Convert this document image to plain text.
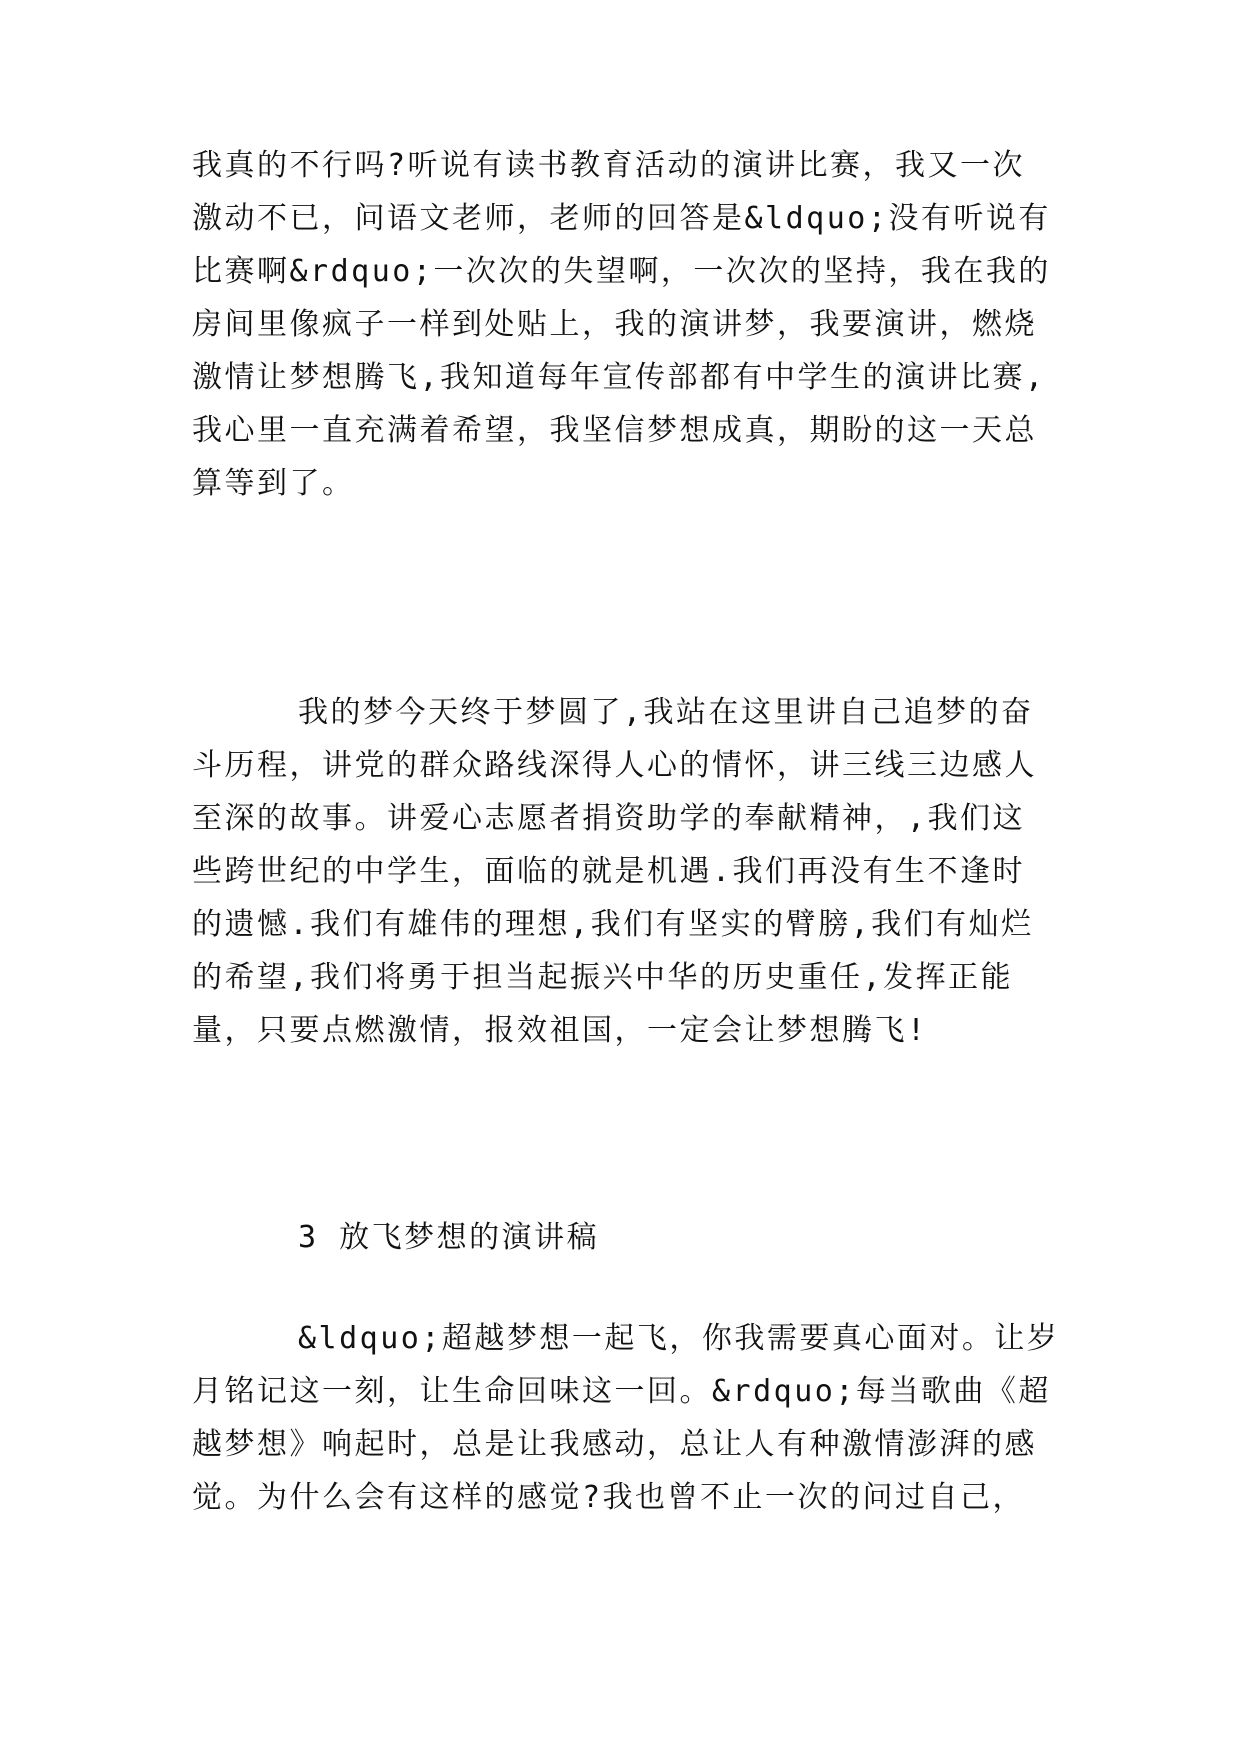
我真的不行吗?听说有读书教育活动的演讲比赛，我又一次
激动不已，问语文老师，老师的回答是&ldquo;没有听说有
比赛啊&rdquo;一次次的失望啊，一次次的坚持，我在我的
房间里像疯子一样到处贴上，我的演讲梦，我要演讲，燃烧
激情让梦想腾飞,我知道每年宣传部都有中学生的演讲比赛,
我心里一直充满着希望，我坚信梦想成真，期盼的这一天总
算等到了。
我的梦今天终于梦圆了,我站在这里讲自己追梦的奋
斗历程，讲党的群众路线深得人心的情怀，讲三线三边感人
至深的故事。讲爱心志愿者捐资助学的奉献精神，,我们这
些跨世纪的中学生，面临的就是机遇.我们再没有生不逢时
的遗憾.我们有雄伟的理想,我们有坚实的臂膀,我们有灿烂
的希望,我们将勇于担当起振兴中华的历史重任,发挥正能
量，只要点燃激情，报效祖国，一定会让梦想腾飞!
3 放飞梦想的演讲稿
&ldquo;超越梦想一起飞，你我需要真心面对。让岁
月铭记这一刻，让生命回味这一回。&rdquo;每当歌曲《超
越梦想》响起时，总是让我感动，总让人有种激情澎湃的感
觉。为什么会有这样的感觉?我也曾不止一次的问过自己，
